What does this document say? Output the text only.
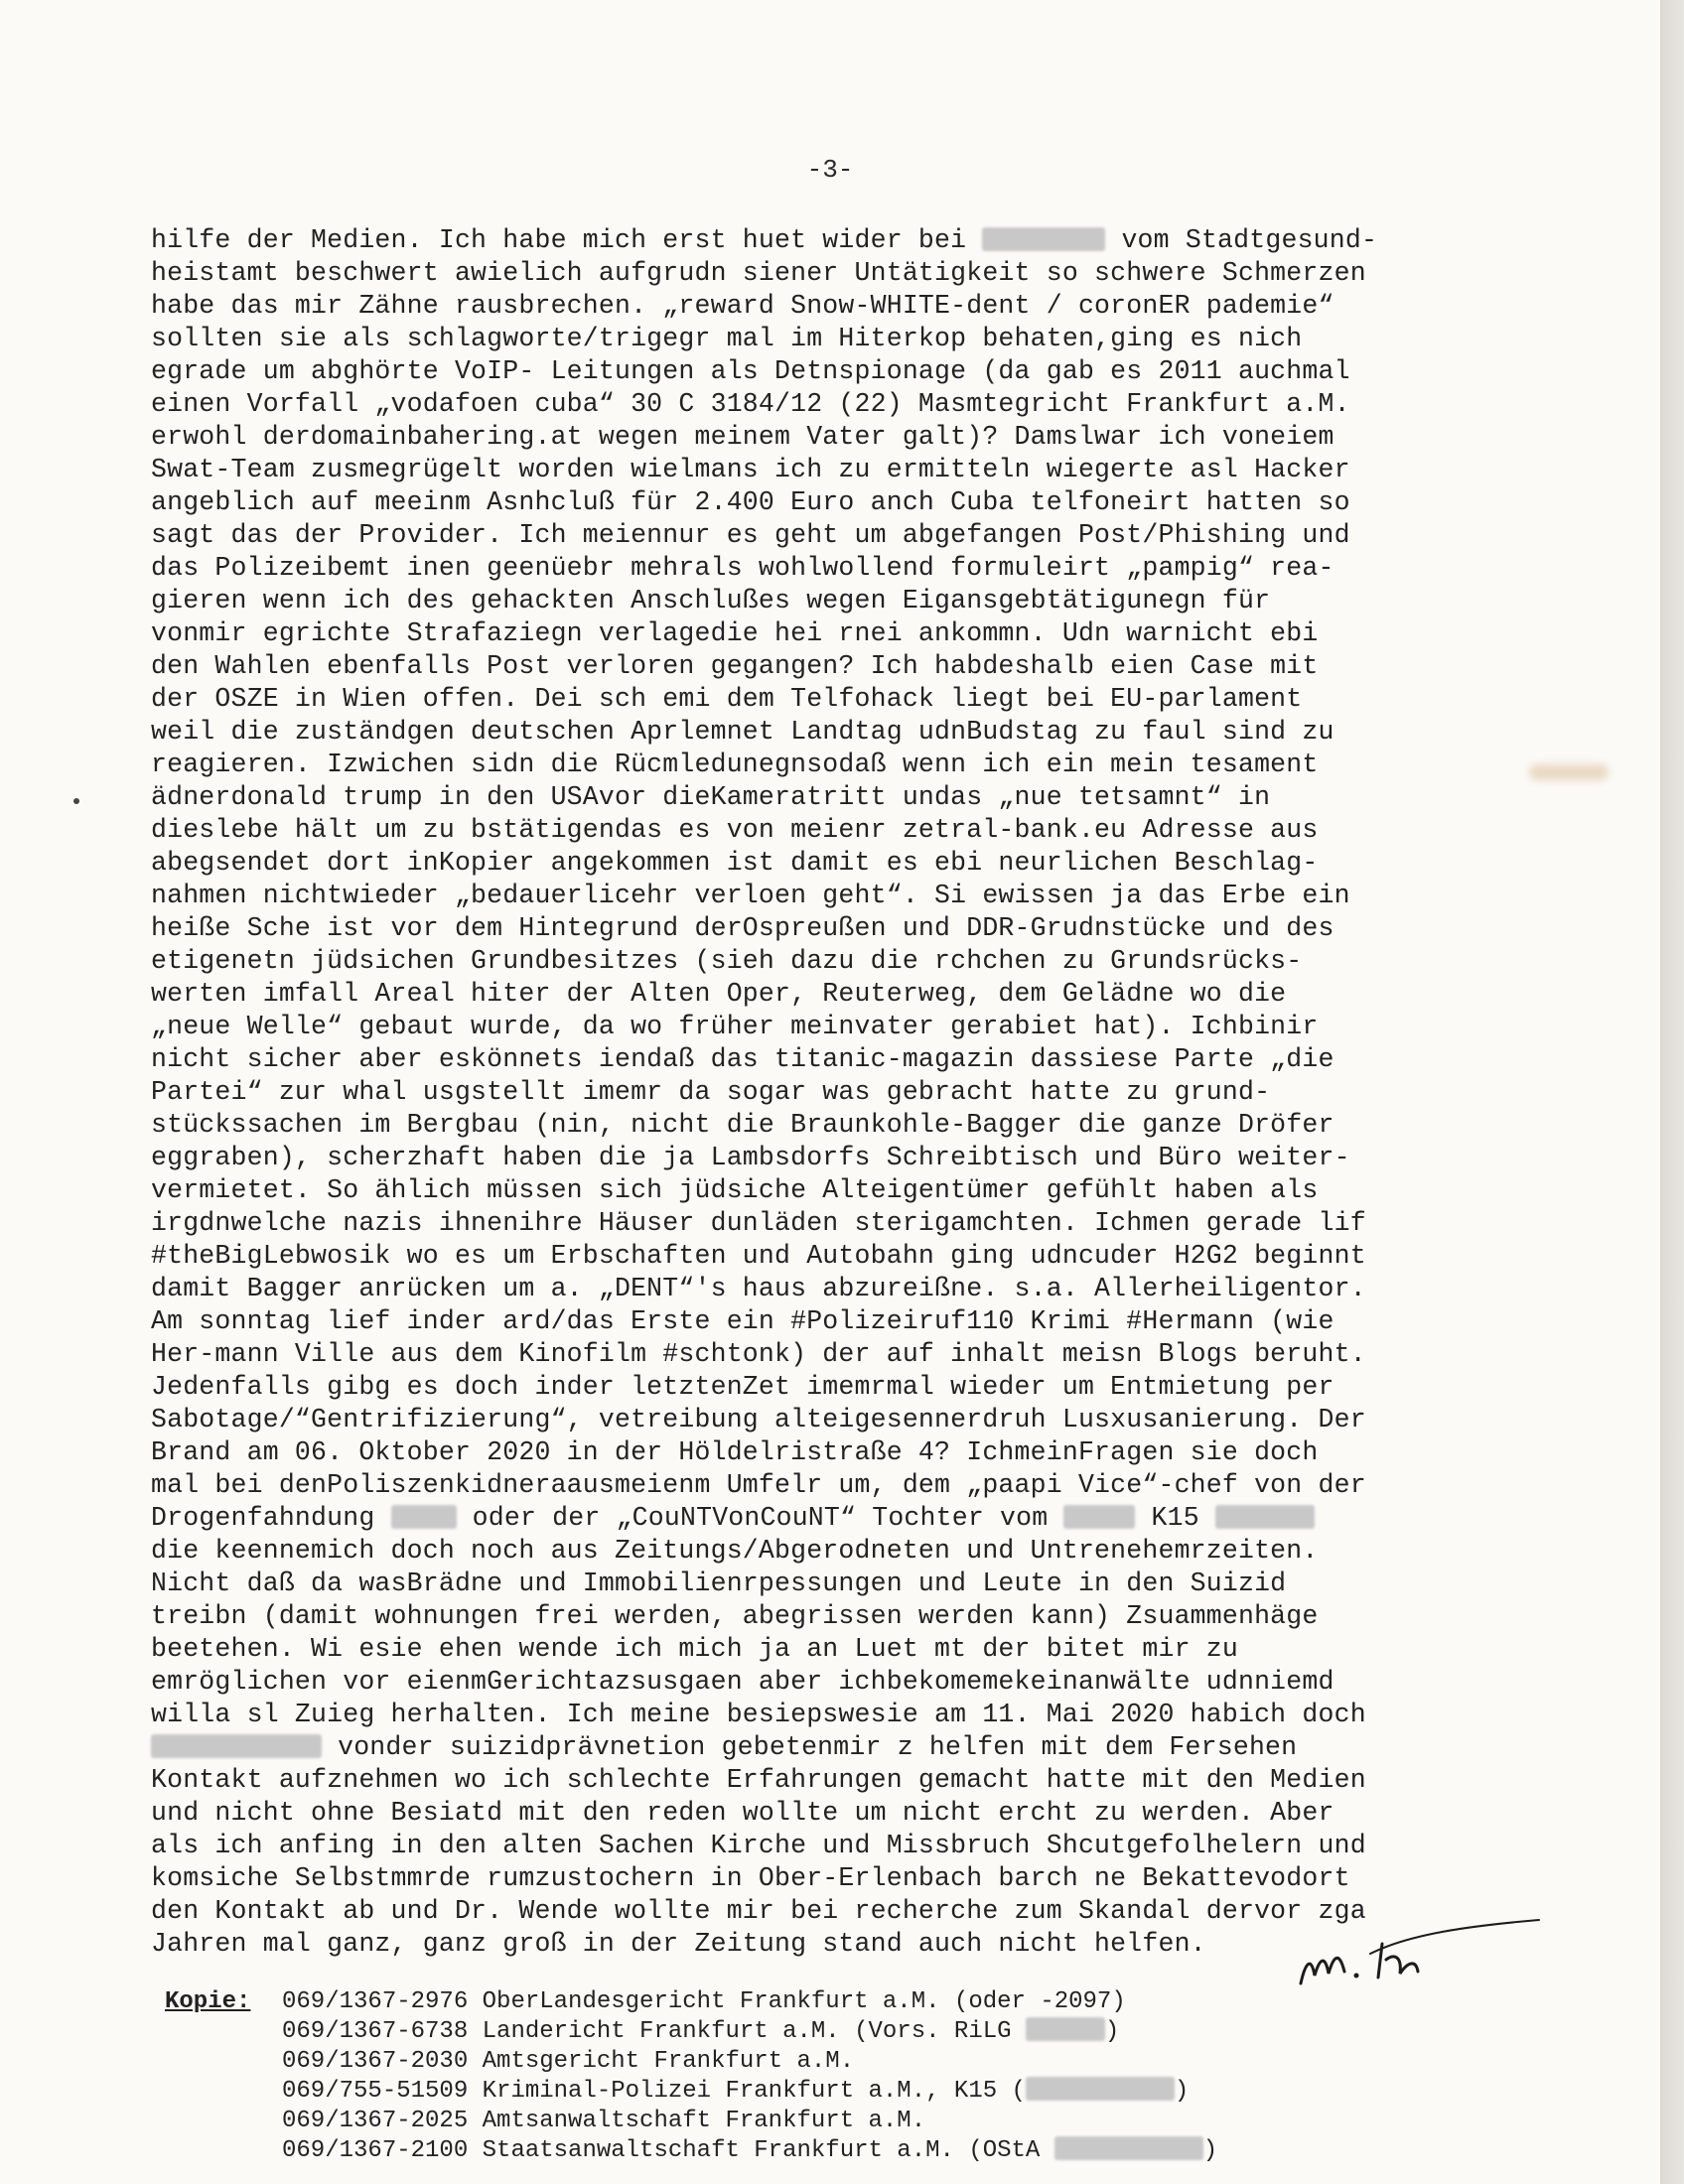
-3-
hilfe der Medien. Ich habe mich erst huet wider bei	vom Stadtgesund-
heistamt beschwert awielich aufgrudn siener Untätigkeit so schwere Schmerzen
habe das mir Zähne rausbrechen. „reward Snow-WHITE-dent / coronER pademie“
sollten sie als schlagworte/trigegr mal im Hiterkop behaten,ging es nich
egrade um abghörte VoIP- Leitungen als Detnspionage (da gab es 2011 auchmal
einen Vorfall „vodafoen cuba“ 30 C 3184/12 (22) Masmtegricht Frankfurt a.M.
erwohl derdomainbahering.at wegen meinem Vater galt)? Damslwar ich voneiem
Swat-Team zusmegrügelt worden wielmans ich zu ermitteln wiegerte asl Hacker
angeblich auf meeinm Asnhcluß für 2.400 Euro anch Cuba telfoneirt hatten so
sagt das der Provider. Ich meiennur es geht um abgefangen Post/Phishing und
das Polizeibemt inen geenüebr mehrals wohlwollend formuleirt „pampig“ rea-
gieren wenn ich des gehackten Anschlußes wegen Eigansgebtätigunegn für
vonmir egrichte Strafaziegn verlagedie hei rnei ankommn. Udn warnicht ebi
den Wahlen ebenfalls Post verloren gegangen? Ich habdeshalb eien Case mit
der OSZE in Wien offen. Dei sch emi dem Telfohack liegt bei EU-parlament
weil die zuständgen deutschen Aprlemnet Landtag udnBudstag zu faul sind zu
reagieren. Izwichen sidn die Rücmledunegnsodaß wenn ich ein mein tesament
ädnerdonald trump in den USAvor dieKameratritt undas „nue tetsamnt“ in
dieslebe hält um zu bstätigendas es von meienr zetral-bank.eu Adresse aus
abegsendet dort inKopier angekommen ist damit es ebi neurlichen Beschlag-
nahmen nichtwieder „bedauerlicehr verloen geht“. Si ewissen ja das Erbe ein
heiße Sche ist vor dem Hintegrund derOspreußen und DDR-Grudnstücke und des
etigenetn jüdsichen Grundbesitzes (sieh dazu die rchchen zu Grundsrücks-
werten imfall Areal hiter der Alten Oper, Reuterweg, dem Gelädne wo die
„neue Welle“ gebaut wurde, da wo früher meinvater gerabiet hat). Ichbinir
nicht sicher aber eskönnets iendaß das titanic-magazin dassiese Parte „die
Partei“ zur whal usgstellt imemr da sogar was gebracht hatte zu grund-
stückssachen im Bergbau (nin, nicht die Braunkohle-Bagger die ganze Dröfer
eggraben), scherzhaft haben die ja Lambsdorfs Schreibtisch und Büro weiter-
vermietet. So ählich müssen sich jüdsiche Alteigentümer gefühlt haben als
irgdnwelche nazis ihnenihre Häuser dunläden sterigamchten. Ichmen gerade lif
#theBigLebwosik wo es um Erbschaften und Autobahn ging udncuder H2G2 beginnt
damit Bagger anrücken um a. „DENT“'s haus abzureißne. s.a. Allerheiligentor.
Am sonntag lief inder ard/das Erste ein #Polizeiruf110 Krimi #Hermann (wie
Her-mann Ville aus dem Kinofilm #schtonk) der auf inhalt meisn Blogs beruht.
Jedenfalls gibg es doch inder letztenZet imemrmal wieder um Entmietung per
Sabotage/“Gentrifizierung“, vetreibung alteigesennerdruh Lusxusanierung. Der
Brand am 06. Oktober 2020 in der Höldelristraße 4? IchmeinFragen sie doch
mal bei denPoliszenkidneraausmeienm Umfelr um, dem „paapi Vice“-chef von der
Drogenfahndung  oder der „CouNTVonCouNT“ Tochter vom	K15
die keennemich doch noch aus Zeitungs/Abgerodneten und Untrenehemrzeiten.
Nicht daß da wasBrädne und Immobilienrpessungen und Leute in den Suizid
treibn (damit wohnungen frei werden, abegrissen werden kann) Zsuammenhäge
beetehen. Wi esie ehen wende ich mich ja an Luet mt der bitet mir zu
emröglichen vor eienmGerichtazsusgaen aber ichbekomemekeinanwälte udnniemd
willa sl Zuieg herhalten. Ich meine besiepswesie am 11. Mai 2020 habich doch
vonder suizidprävnetion gebetenmir z helfen mit dem Fersehen
Kontakt aufznehmen wo ich schlechte Erfahrungen gemacht hatte mit den Medien
und nicht ohne Besiatd mit den reden wollte um nicht ercht zu werden. Aber
als ich anfing in den alten Sachen Kirche und Missbruch Shcutgefolhelern und
komsiche Selbstmmrde rumzustochern in Ober-Erlenbach barch ne Bekattevodort
den Kontakt ab und Dr. Wende wollte mir bei recherche zum Skandal dervor zga
Jahren mal ganz, ganz groß in der Zeitung stand auch nicht helfen.
Kopie: 069/1367-2976 OberLandesgericht Frankfurt a.M. (oder -2097)
069/1367-6738 Landericht Frankfurt a.M. (Vors. RiLG	)
069/1367-2030 Amtsgericht Frankfurt a.M.
069/755-51509 Kriminal-Polizei Frankfurt a.M., K15 (	)
069/1367-2025 Amtsanwaltschaft Frankfurt a.M.
069/1367-2100 Staatsanwaltschaft Frankfurt a.M. (OStA	)
